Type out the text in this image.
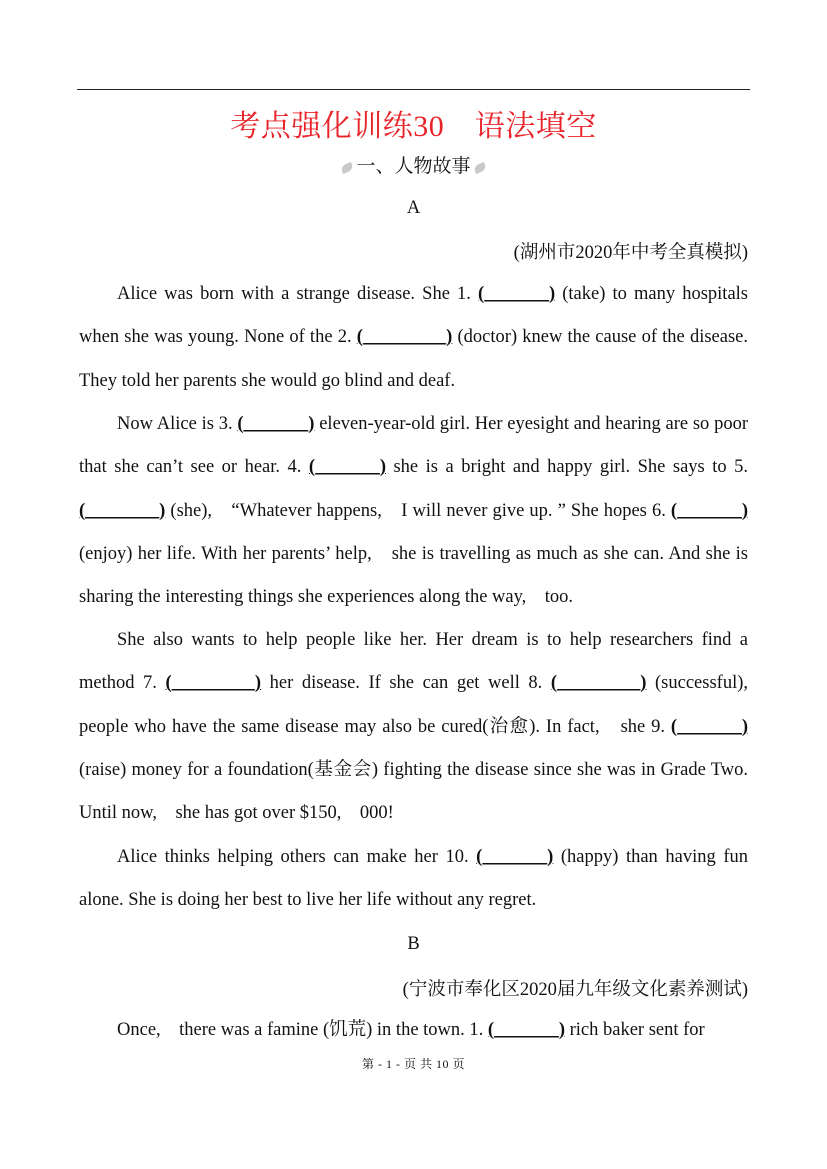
考点强化训练30　语法填空
一、人物故事
A
(湖州市2020年中考全真模拟)

Alice was born with a strange disease. She 1. (_______) (take) to many hospitals when she was young. None of the 2. (_________) (doctor) knew the cause of the disease. They told her parents she would go blind and deaf.

Now Alice is 3. (_______) eleven-year-old girl. Her eyesight and hearing are so poor that she can’t see or hear. 4. (_______) she is a bright and happy girl. She says to 5. (________) (she),　“Whatever happens,　I will never give up. ” She hopes 6. (_______) (enjoy) her life. With her parents’ help,　she is travelling as much as she can. And she is sharing the interesting things she experiences along the way,　too.

She also wants to help people like her. Her dream is to help researchers find a method 7. (_________) her disease. If she can get well 8. (_________) (successful), people who have the same disease may also be cured(治愈). In fact,　she 9. (_______) (raise) money for a foundation(基金会) fighting the disease since she was in Grade Two. Until now,　she has got over $150,　000!

Alice thinks helping others can make her 10. (_______) (happy) than having fun alone. She is doing her best to live her life without any regret.

B
(宁波市奉化区2020届九年级文化素养测试)

Once,　there was a famine (饥荒) in the town. 1. (_______) rich baker sent for

第 - 1 - 页 共 10 页
